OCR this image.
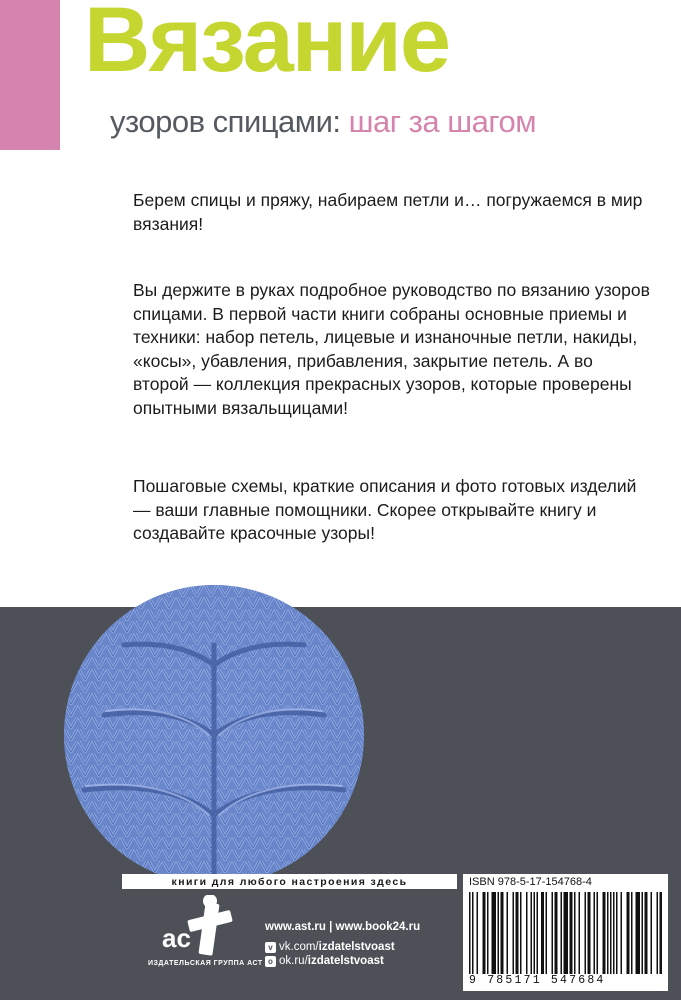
Вязание
узоров спицами: шаг за шагом

Берем спицы и пряжу, набираем петли и… погружаемся в мир вязания!

Вы держите в руках подробное руководство по вязанию узоров спицами. В первой части книги собраны основные приемы и техники: набор петель, лицевые и изнаночные петли, накиды, «косы», убавления, прибавления, закрытие петель. А во второй — коллекция прекрасных узоров, которые проверены опытными вязальщицами!

Пошаговые схемы, краткие описания и фото готовых изделий — ваши главные помощники. Скорее открывайте книгу и создавайте красочные узоры!

книги для любого настроения здесь
ас
ИЗДАТЕЛЬСКАЯ ГРУППА АСТ
www.ast.ru | www.book24.ru
v vk.com/ izdatelstvoast
o ok.ru/ izdatelstvoast
ISBN 978-5-17-154768-4
9 785171 547684
